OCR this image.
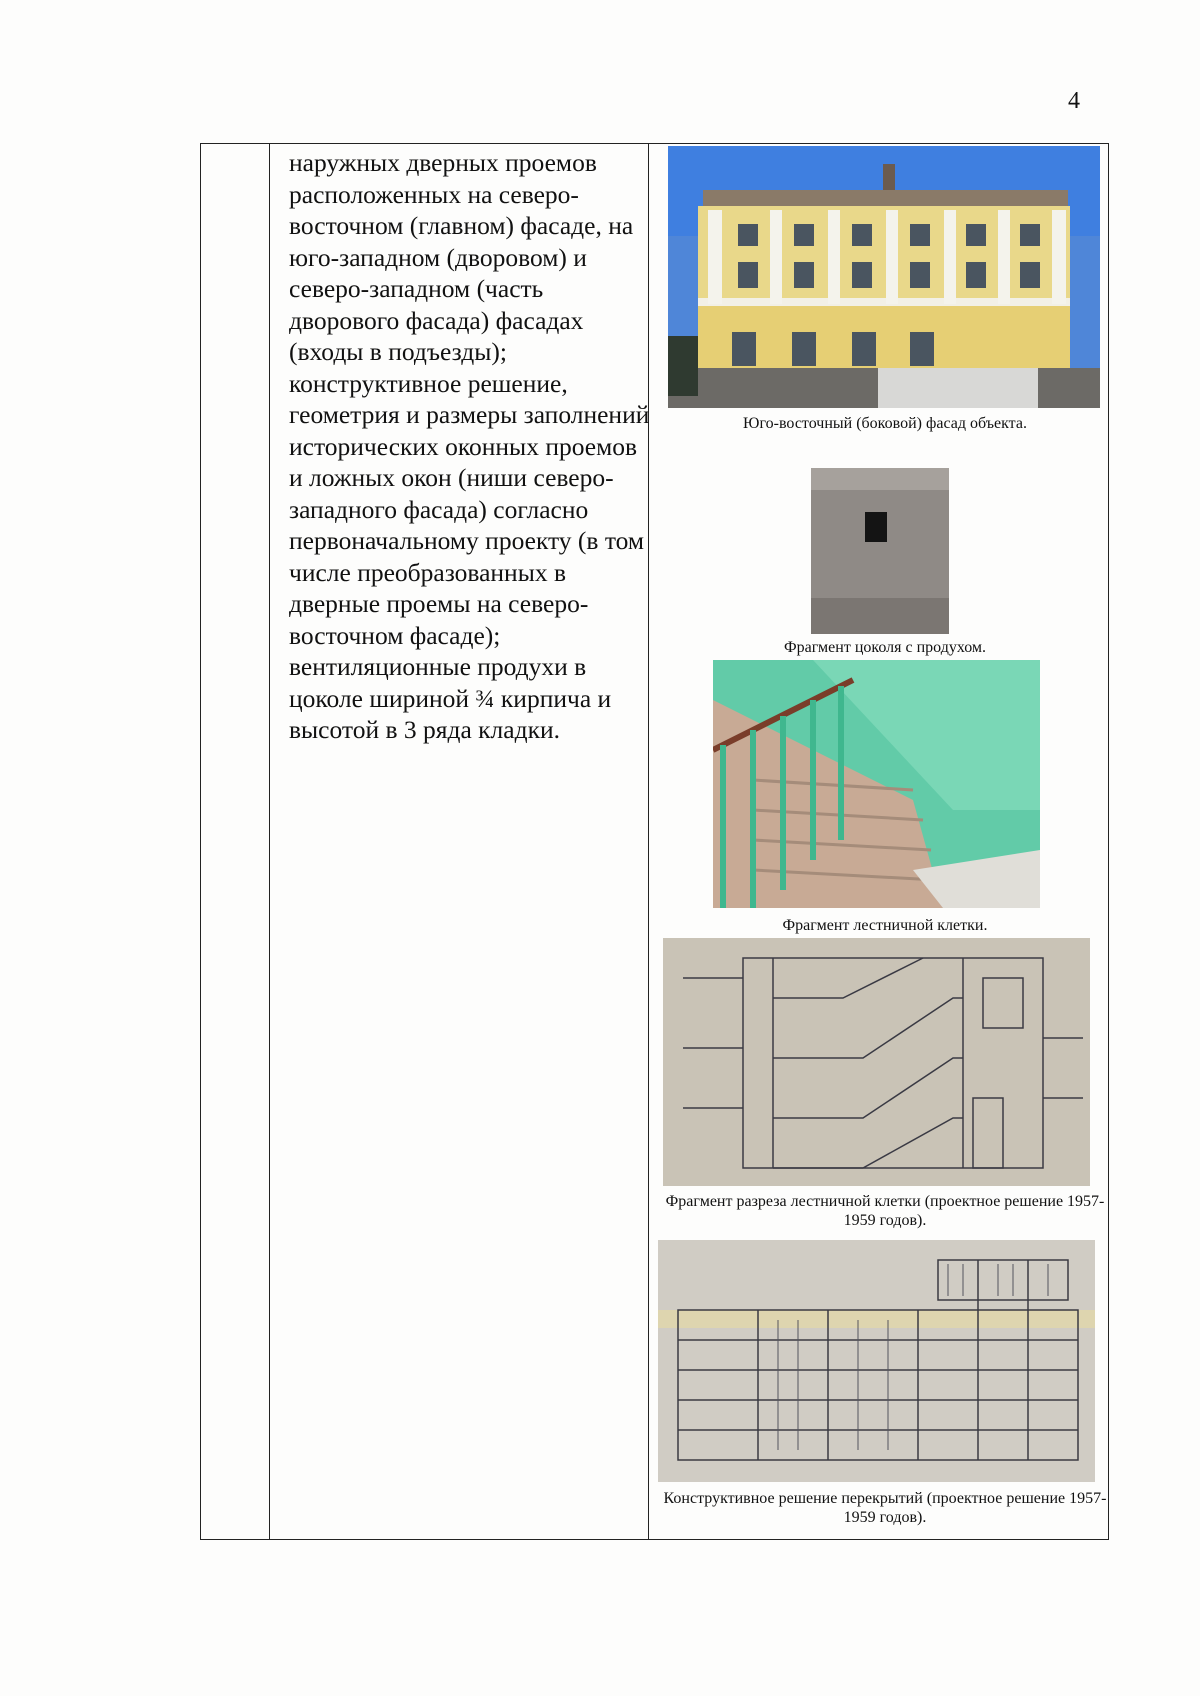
4

наружных дверных проемов расположенных на северо-восточном (главном) фасаде, на юго-западном (дворовом) и северо-западном (часть дворового фасада) фасадах (входы в подъезды); конструктивное решение, геометрия и размеры заполнений исторических оконных проемов и ложных окон (ниши северо-западного фасада) согласно первоначальному проекту (в том числе преобразованных в дверные проемы на северо-восточном фасаде); вентиляционные продухи в цоколе шириной ¾ кирпича и высотой в 3 ряда кладки.

Юго-восточный (боковой) фасад объекта.
Фрагмент цоколя с продухом.
Фрагмент лестничной клетки.
Фрагмент разреза лестничной клетки (проектное решение 1957-1959 годов).
Конструктивное решение перекрытий (проектное решение 1957-1959 годов).
